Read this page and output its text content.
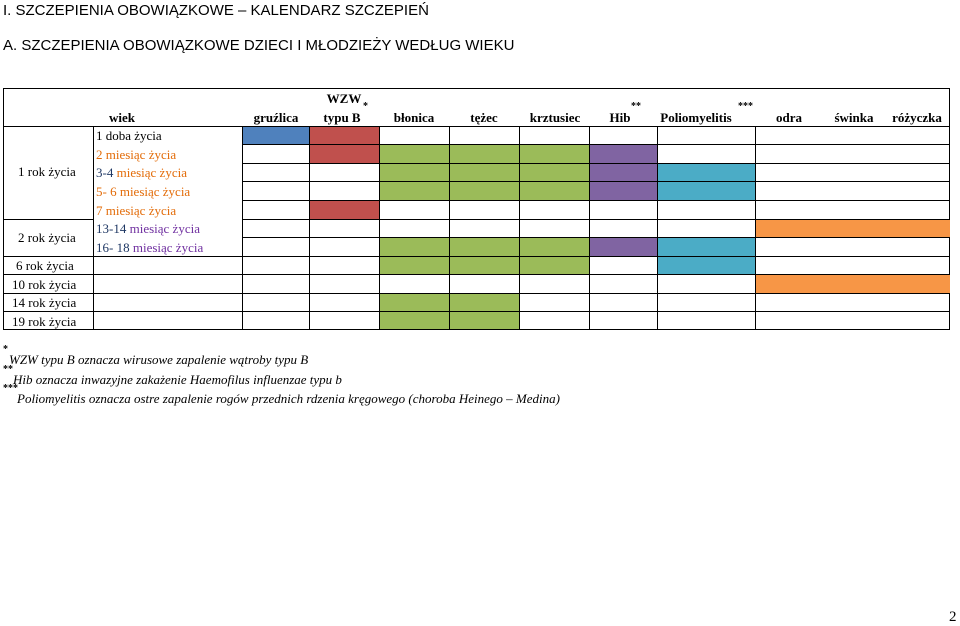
I. SZCZEPIENIA OBOWIĄZKOWE – KALENDARZ SZCZEPIEŃ
A. SZCZEPIENIA OBOWIĄZKOWE DZIECI I MŁODZIEŻY WEDŁUG WIEKU
wiek	gruźlica
WZW
typu B
*
błonica	tężec krztusiec Hib
**
Poliomyelitis
***
odra świnka różyczka
1 rok życia
2 rok życia
6 rok życia
10 rok życia
14 rok życia
19 rok życia
1 doba życia
2 miesiąc życia
3-4 miesiąc życia
5- 6 miesiąc życia
7 miesiąc życia
13-14 miesiąc życia
16- 18 miesiąc życia
*
WZW typu B oznacza wirusowe zapalenie wątroby typu B
**
Hib oznacza inwazyjne zakażenie Haemofilus influenzae typu b
***
Poliomyelitis oznacza ostre zapalenie rogów przednich rdzenia kręgowego (choroba Heinego – Medina)
2
